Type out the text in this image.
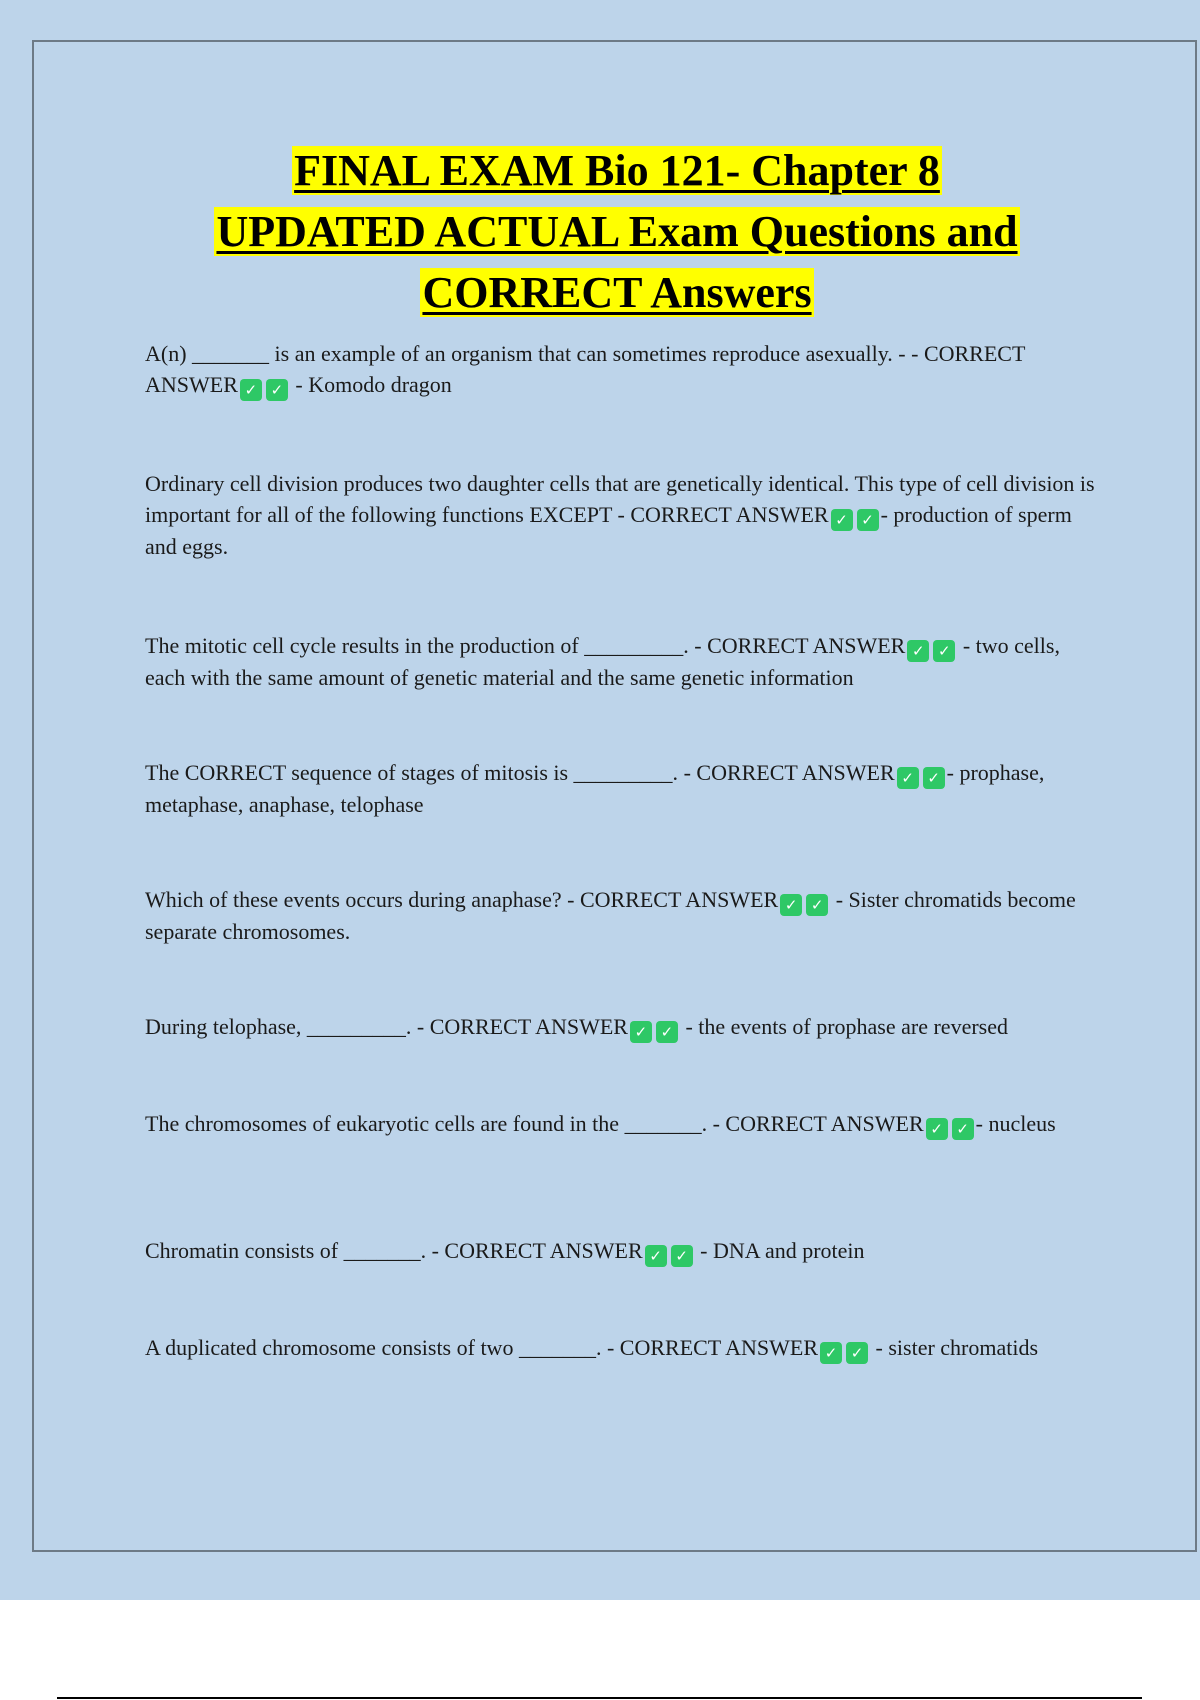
FINAL EXAM Bio 121- Chapter 8
UPDATED ACTUAL Exam Questions and
CORRECT Answers
A(n) _______ is an example of an organism that can sometimes reproduce asexually. - - CORRECT ANSWER ✓ ✓ - Komodo dragon
Ordinary cell division produces two daughter cells that are genetically identical. This type of cell division is important for all of the following functions EXCEPT - CORRECT ANSWER ✓ ✓ - production of sperm and eggs.
The mitotic cell cycle results in the production of _________. - CORRECT ANSWER ✓ ✓ - two cells, each with the same amount of genetic material and the same genetic information
The CORRECT sequence of stages of mitosis is _________. - CORRECT ANSWER ✓ ✓ - prophase, metaphase, anaphase, telophase
Which of these events occurs during anaphase? - CORRECT ANSWER ✓ ✓ - Sister chromatids become separate chromosomes.
During telophase, _________. - CORRECT ANSWER ✓ ✓ - the events of prophase are reversed
The chromosomes of eukaryotic cells are found in the _______. - CORRECT ANSWER ✓ ✓ - nucleus
Chromatin consists of _______. - CORRECT ANSWER ✓ ✓ - DNA and protein
A duplicated chromosome consists of two _______. - CORRECT ANSWER ✓ ✓ - sister chromatids
